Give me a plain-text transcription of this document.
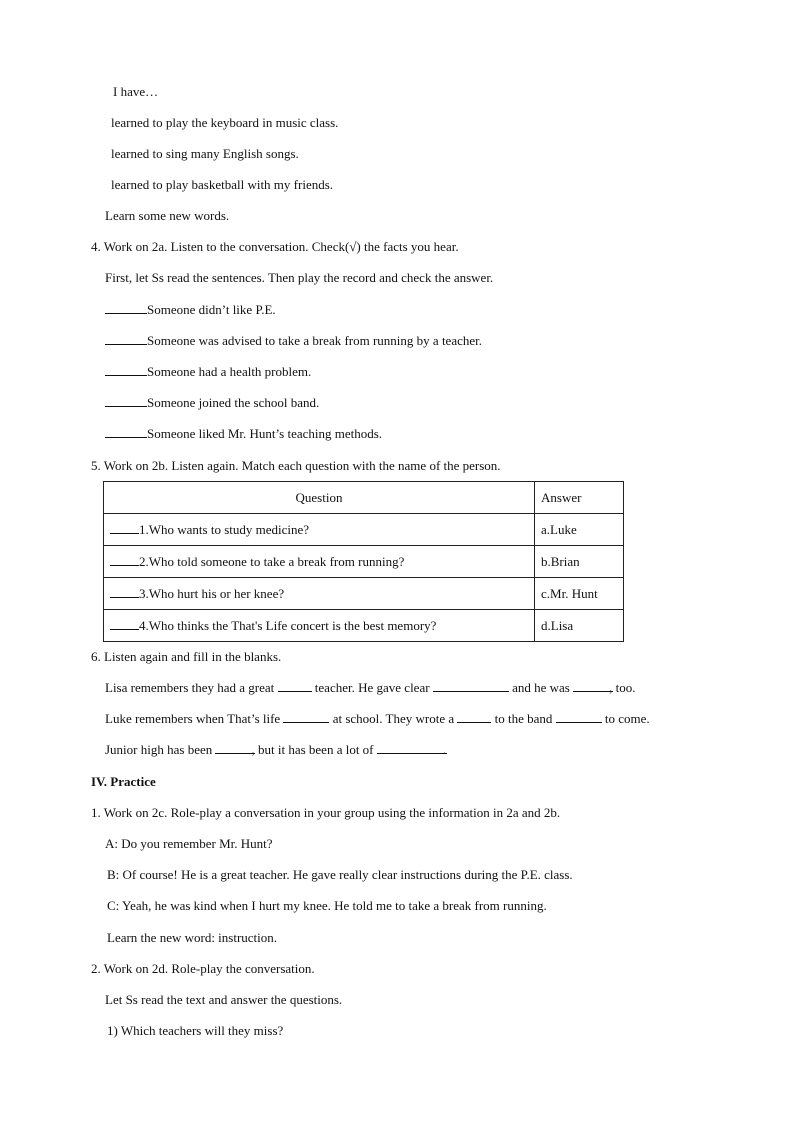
I have…
learned to play the keyboard in music class.
learned to sing many English songs.
learned to play basketball with my friends.
Learn some new words.
4. Work on 2a. Listen to the conversation. Check(√) the facts you hear.
First, let Ss read the sentences. Then play the record and check the answer.
Someone didn’t like P.E.
Someone was advised to take a break from running by a teacher.
Someone had a health problem.
Someone joined the school band.
Someone liked Mr. Hunt’s teaching methods.
5. Work on 2b. Listen again. Match each question with the name of the person.
Question	Answer
1.Who wants to study medicine?	a.Luke
2.Who told someone to take a break from running?	b.Brian
3.Who hurt his or her knee?	c.Mr. Hunt
4.Who thinks the That's Life concert is the best memory?	d.Lisa
6. Listen again and fill in the blanks.
Lisa remembers they had a great	teacher. He gave clear	and he was	, too.
Luke remembers when That’s life	at school. They wrote a	to the band	to come.
Junior high has been	, but it has been a lot of	.
IV. Practice
1. Work on 2c. Role-play a conversation in your group using the information in 2a and 2b.
A: Do you remember Mr. Hunt?
B: Of course! He is a great teacher. He gave really clear instructions during the P.E. class.
C: Yeah, he was kind when I hurt my knee. He told me to take a break from running.
Learn the new word: instruction.
2. Work on 2d. Role-play the conversation.
Let Ss read the text and answer the questions.
1) Which teachers will they miss?
